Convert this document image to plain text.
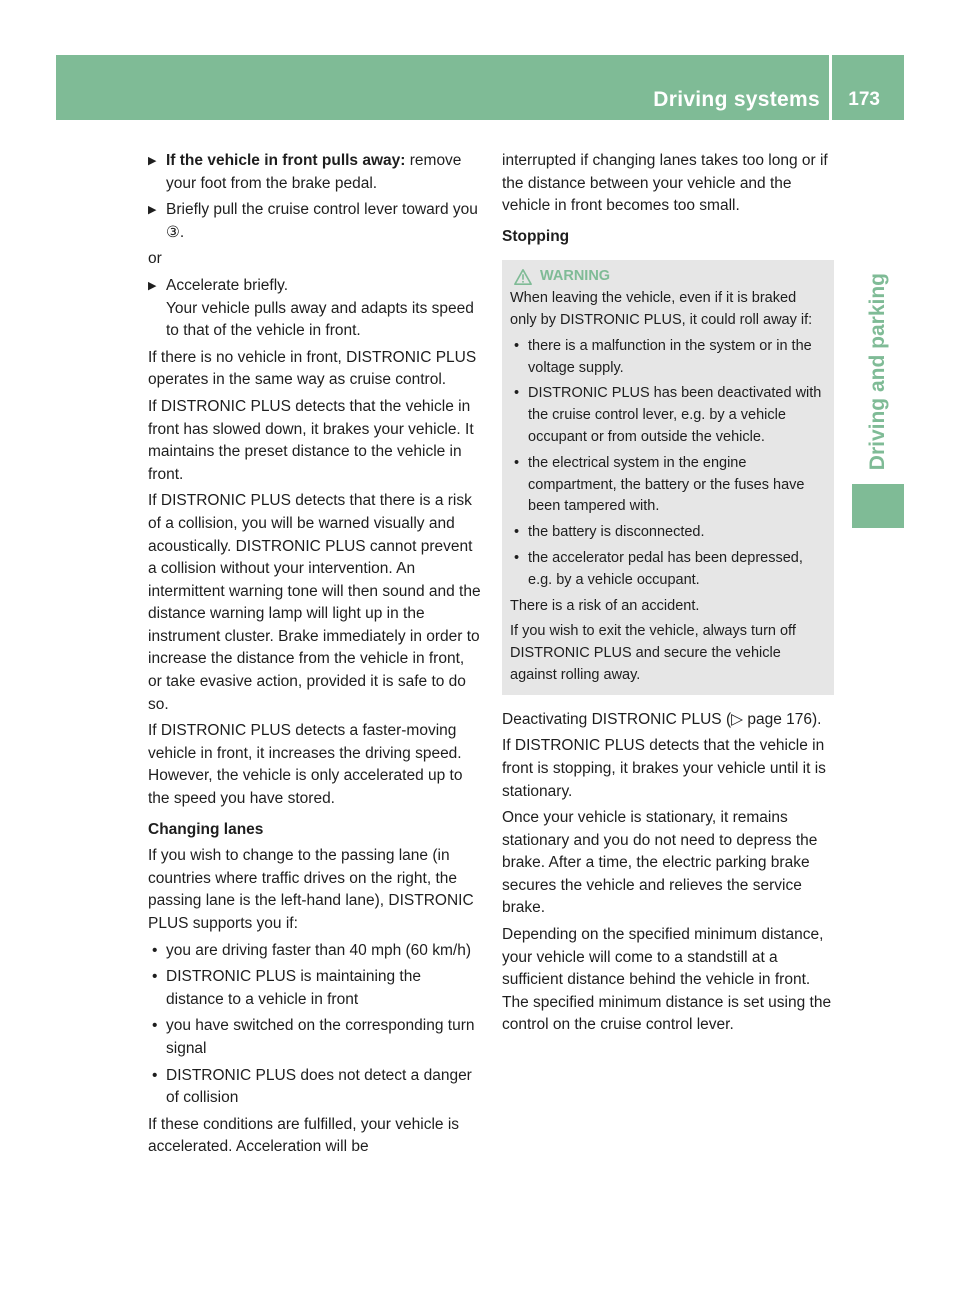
Driving systems 173
Driving and parking

▶ If the vehicle in front pulls away: remove your foot from the brake pedal.

▶ Briefly pull the cruise control lever toward you ③.

or

▶ Accelerate briefly.
Your vehicle pulls away and adapts its speed to that of the vehicle in front.

If there is no vehicle in front, DISTRONIC PLUS operates in the same way as cruise control.

If DISTRONIC PLUS detects that the vehicle in front has slowed down, it brakes your vehicle. It maintains the preset distance to the vehicle in front.

If DISTRONIC PLUS detects that there is a risk of a collision, you will be warned visually and acoustically. DISTRONIC PLUS cannot prevent a collision without your intervention. An intermittent warning tone will then sound and the distance warning lamp will light up in the instrument cluster. Brake immediately in order to increase the distance from the vehicle in front, or take evasive action, provided it is safe to do so.

If DISTRONIC PLUS detects a faster-moving vehicle in front, it increases the driving speed. However, the vehicle is only accelerated up to the speed you have stored.

Changing lanes

If you wish to change to the passing lane (in countries where traffic drives on the right, the passing lane is the left-hand lane), DISTRONIC PLUS supports you if:

• you are driving faster than 40 mph (60 km/h)

• DISTRONIC PLUS is maintaining the distance to a vehicle in front

• you have switched on the corresponding turn signal

• DISTRONIC PLUS does not detect a danger of collision

If these conditions are fulfilled, your vehicle is accelerated. Acceleration will be

interrupted if changing lanes takes too long or if the distance between your vehicle and the vehicle in front becomes too small.

Stopping

WARNING

When leaving the vehicle, even if it is braked only by DISTRONIC PLUS, it could roll away if:

• there is a malfunction in the system or in the voltage supply.

• DISTRONIC PLUS has been deactivated with the cruise control lever, e.g. by a vehicle occupant or from outside the vehicle.

• the electrical system in the engine compartment, the battery or the fuses have been tampered with.

• the battery is disconnected.

• the accelerator pedal has been depressed, e.g. by a vehicle occupant.

There is a risk of an accident.

If you wish to exit the vehicle, always turn off DISTRONIC PLUS and secure the vehicle against rolling away.

Deactivating DISTRONIC PLUS (▷ page 176).

If DISTRONIC PLUS detects that the vehicle in front is stopping, it brakes your vehicle until it is stationary.

Once your vehicle is stationary, it remains stationary and you do not need to depress the brake. After a time, the electric parking brake secures the vehicle and relieves the service brake.

Depending on the specified minimum distance, your vehicle will come to a standstill at a sufficient distance behind the vehicle in front. The specified minimum distance is set using the control on the cruise control lever.
